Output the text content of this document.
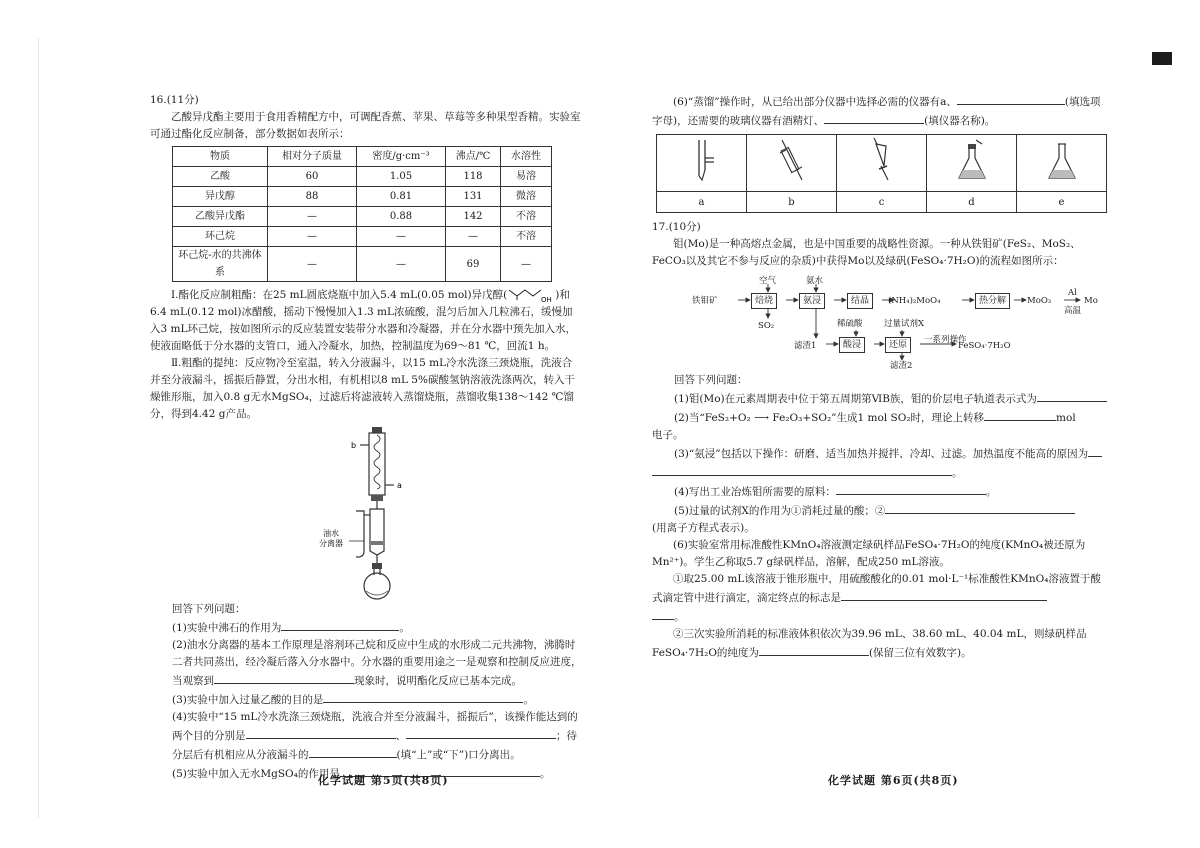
16.(11分)

乙酸异戊酯主要用于食用香精配方中，可调配香蕉、苹果、草莓等多种果型香精。实验室可通过酯化反应制备，部分数据如表所示：

物质	相对分子质量	密度/g·cm⁻³	沸点/℃	水溶性
乙酸	60	1.05	118	易溶
异戊醇	88	0.81	131	微溶
乙酸异戊酯	—	0.88	142	不溶
环己烷	—	—	—	不溶
环己烷-水的共沸体系	—	—	69	—

Ⅰ.酯化反应制粗酯：在25 mL圆底烧瓶中加入5.4 mL(0.05 mol)异戊醇(	OH )和6.4 mL(0.12 mol)冰醋酸，摇动下慢慢加入1.3 mL浓硫酸，混匀后加入几粒沸石，缓慢加入3 mL环己烷，按如图所示的反应装置安装带分水器和冷凝器，并在分水器中预先加入水，使液面略低于分水器的支管口，通入冷凝水，加热，控制温度为69～81 ℃，回流1 h。

Ⅱ.粗酯的提纯：反应物冷至室温，转入分液漏斗，以15 mL冷水洗涤三颈烧瓶，洗液合并至分液漏斗，摇振后静置，分出水相，有机相以8 mL 5%碳酸氢钠溶液洗涤两次，转入干燥锥形瓶，加入0.8 g无水MgSO₄，过滤后将滤液转入蒸馏烧瓶，蒸馏收集138～142 ℃馏分，得到4.42 g产品。

b
a
油水
分离器

回答下列问题：

(1)实验中沸石的作用为	。

(2)油水分离器的基本工作原理是溶剂环己烷和反应中生成的水形成二元共沸物，沸腾时二者共同蒸出，经冷凝后落入分水器中。分水器的重要用途之一是观察和控制反应进度，当观察到	现象时，说明酯化反应已基本完成。

(3)实验中加入过量乙酸的目的是	。

(4)实验中“15 mL冷水洗涤三颈烧瓶，洗液合并至分液漏斗，摇振后”，该操作能达到的两个目的分别是	、	；待分层后有机相应从分液漏斗的	(填“上”或“下”)口分离出。

(5)实验中加入无水MgSO₄的作用是	。

化学试题 第5页(共8页)

(6)“蒸馏”操作时，从已给出部分仪器中选择必需的仪器有a、	(填选项字母)，还需要的玻璃仪器有酒精灯、	(填仪器名称)。

a	b	c	d	e

17.(10分)

钼(Mo)是一种高熔点金属，也是中国重要的战略性资源。一种从铁钼矿(FeS₂、MoS₂、FeCO₃以及其它不参与反应的杂质)中获得Mo以及绿矾(FeSO₄·7H₂O)的流程如图所示：

铁钼矿
空气	氨水
焙烧	氨浸	结晶	(NH₄)₂MoO₄	热分解	MoO₃
Al
高温
Mo
SO₂	稀硫酸	过量试剂X
滤渣1	酸浸	还原	一系列操作
FeSO₄·7H₂O
滤渣2

回答下列问题：

(1)钼(Mo)在元素周期表中位于第五周期第ⅥB族，钼的价层电子轨道表示式为

(2)当“FeS₂+O₂ ⟶ Fe₂O₃+SO₂”生成1 mol SO₂时，理论上转移	mol

电子。

(3)“氨浸”包括以下操作：研磨、适当加热并搅拌、冷却、过滤。加热温度不能高的原因为

。

(4)写出工业冶炼钼所需要的原料：	。

(5)过量的试剂X的作用为①消耗过量的酸；②

(用离子方程式表示)。

(6)实验室常用标准酸性KMnO₄溶液测定绿矾样品FeSO₄·7H₂O的纯度(KMnO₄被还原为Mn²⁺)。学生乙称取5.7 g绿矾样品，溶解，配成250 mL溶液。

①取25.00 mL该溶液于锥形瓶中，用硫酸酸化的0.01 mol·L⁻¹标准酸性KMnO₄溶液置于酸式滴定管中进行滴定，滴定终点的标志是

。

②三次实验所消耗的标准液体积依次为39.96 mL、38.60 mL、40.04 mL，则绿矾样品

FeSO₄·7H₂O的纯度为	(保留三位有效数字)。

化学试题 第6页(共8页)
